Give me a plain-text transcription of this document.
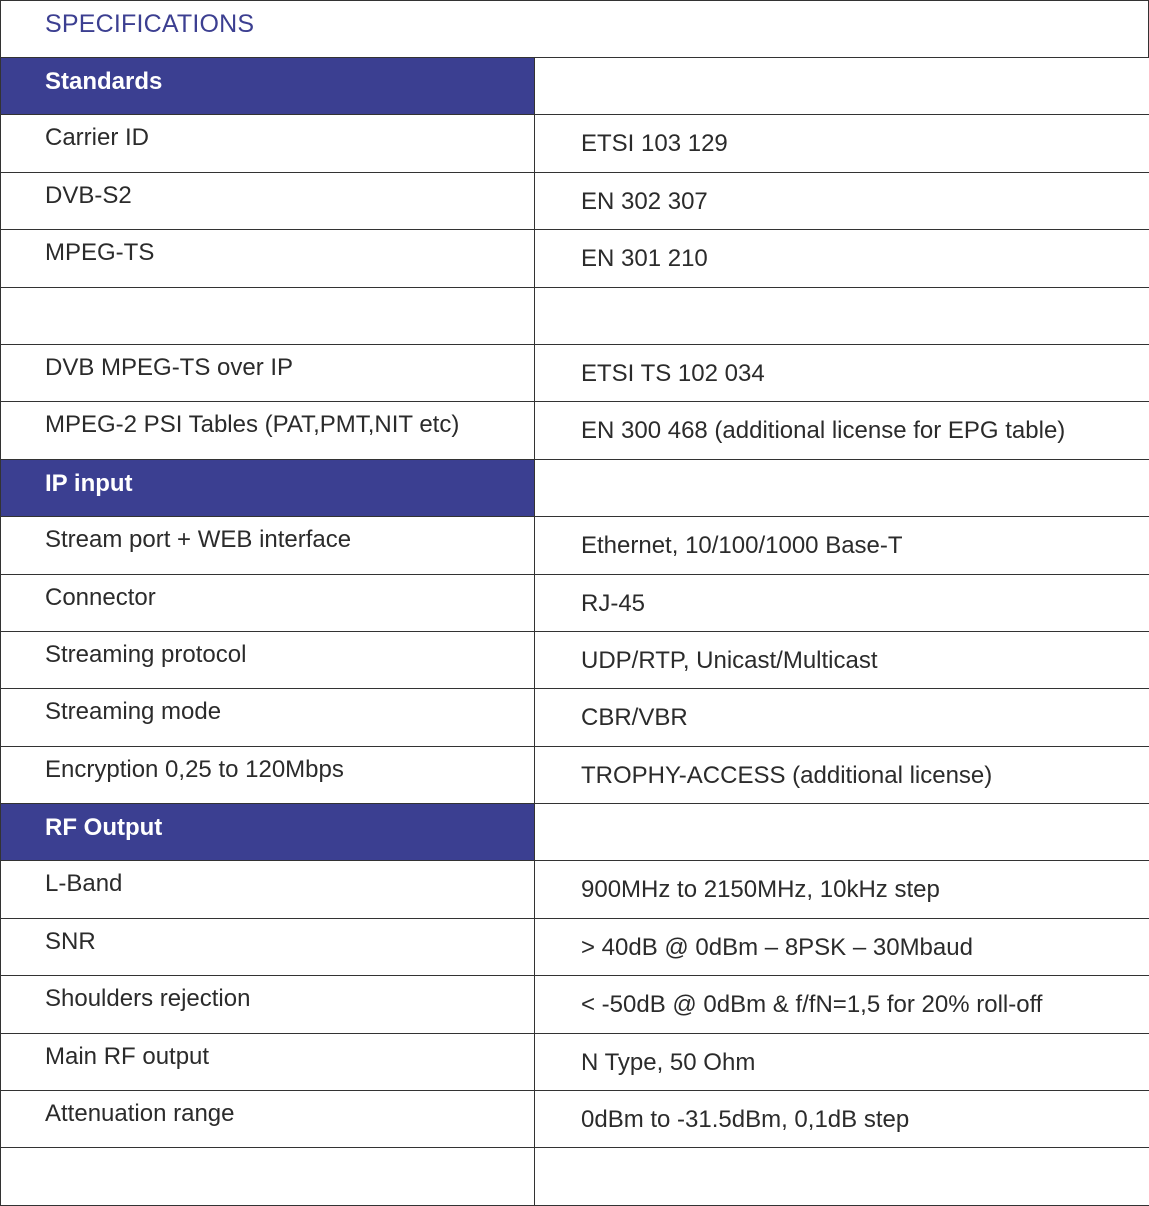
SPECIFICATIONS
Standards	

Carrier ID	ETSI 103 129

DVB-S2	EN 302 307

MPEG-TS	EN 301 210

DVB MPEG-TS over IP	ETSI TS 102 034

MPEG-2 PSI Tables (PAT,PMT,NIT etc)	EN 300 468 (additional license for EPG table)

IP input	

Stream port + WEB interface	Ethernet, 10/100/1000 Base-T

Connector	RJ-45

Streaming protocol	UDP/RTP, Unicast/Multicast

Streaming mode	CBR/VBR

Encryption 0,25 to 120Mbps	TROPHY-ACCESS (additional license)

RF Output	

L-Band	900MHz to 2150MHz, 10kHz step

SNR	> 40dB @ 0dBm – 8PSK – 30Mbaud

Shoulders rejection	< -50dB @ 0dBm & f/fN=1,5 for 20% roll-off

Main RF output	N Type, 50 Ohm

Attenuation range	0dBm to -31.5dBm, 0,1dB step
